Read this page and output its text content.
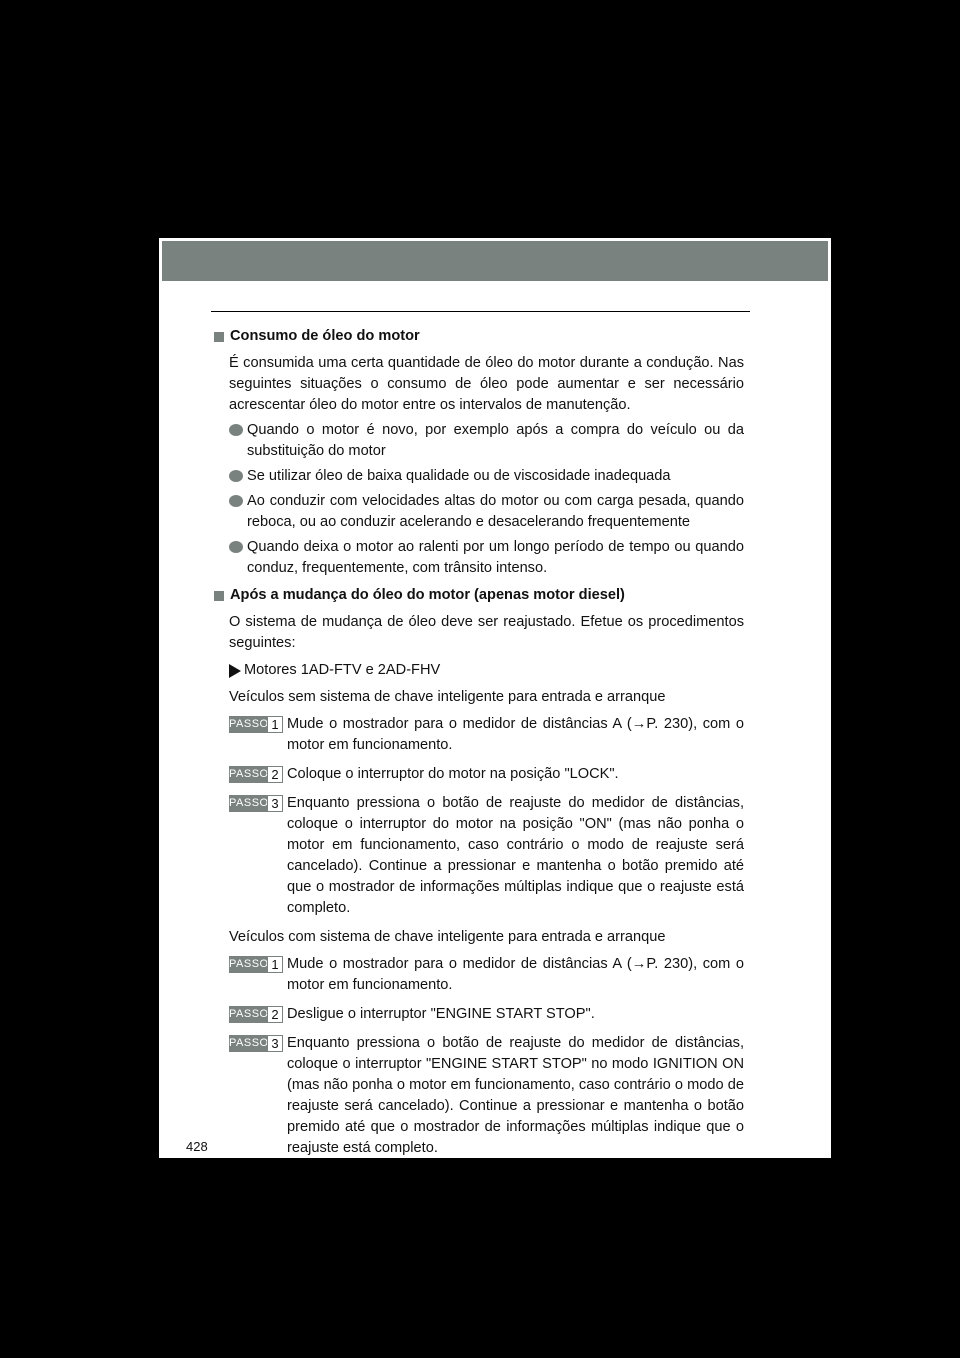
Consumo de óleo do motor

É consumida uma certa quantidade de óleo do motor durante a condução. Nas seguintes situações o consumo de óleo pode aumentar e ser necessário acrescentar óleo do motor entre os intervalos de manutenção.

Quando o motor é novo, por exemplo após a compra do veículo ou da substituição do motor
Se utilizar óleo de baixa qualidade ou de viscosidade inadequada
Ao conduzir com velocidades altas do motor ou com carga pesada, quando reboca, ou ao conduzir acelerando e desacelerando frequentemente
Quando deixa o motor ao ralenti por um longo período de tempo ou quando conduz, frequentemente, com trânsito intenso.
Após a mudança do óleo do motor (apenas motor diesel)

O sistema de mudança de óleo deve ser reajustado. Efetue os procedimentos seguintes:

Motores 1AD-FTV e 2AD-FHV
Veículos sem sistema de chave inteligente para entrada e arranque
PASSO 1 Mude o mostrador para o medidor de distâncias A (→P. 230), com o motor em funcionamento.
PASSO 2 Coloque o interruptor do motor na posição "LOCK".
PASSO 3 Enquanto pressiona o botão de reajuste do medidor de distâncias, coloque o interruptor do motor na posição "ON" (mas não ponha o motor em funcionamento, caso contrário o modo de reajuste será cancelado). Continue a pressionar e mantenha o botão premido até que o mostrador de informações múltiplas indique que o reajuste está completo.
Veículos com sistema de chave inteligente para entrada e arranque
PASSO 1 Mude o mostrador para o medidor de distâncias A (→P. 230), com o motor em funcionamento.
PASSO 2 Desligue o interruptor "ENGINE START STOP".
PASSO 3 Enquanto pressiona o botão de reajuste do medidor de distâncias, coloque o interruptor "ENGINE START STOP" no modo IGNITION ON (mas não ponha o motor em funcionamento, caso contrário o modo de reajuste será cancelado). Continue a pressionar e mantenha o botão premido até que o mostrador de informações múltiplas indique que o reajuste está completo.
428
